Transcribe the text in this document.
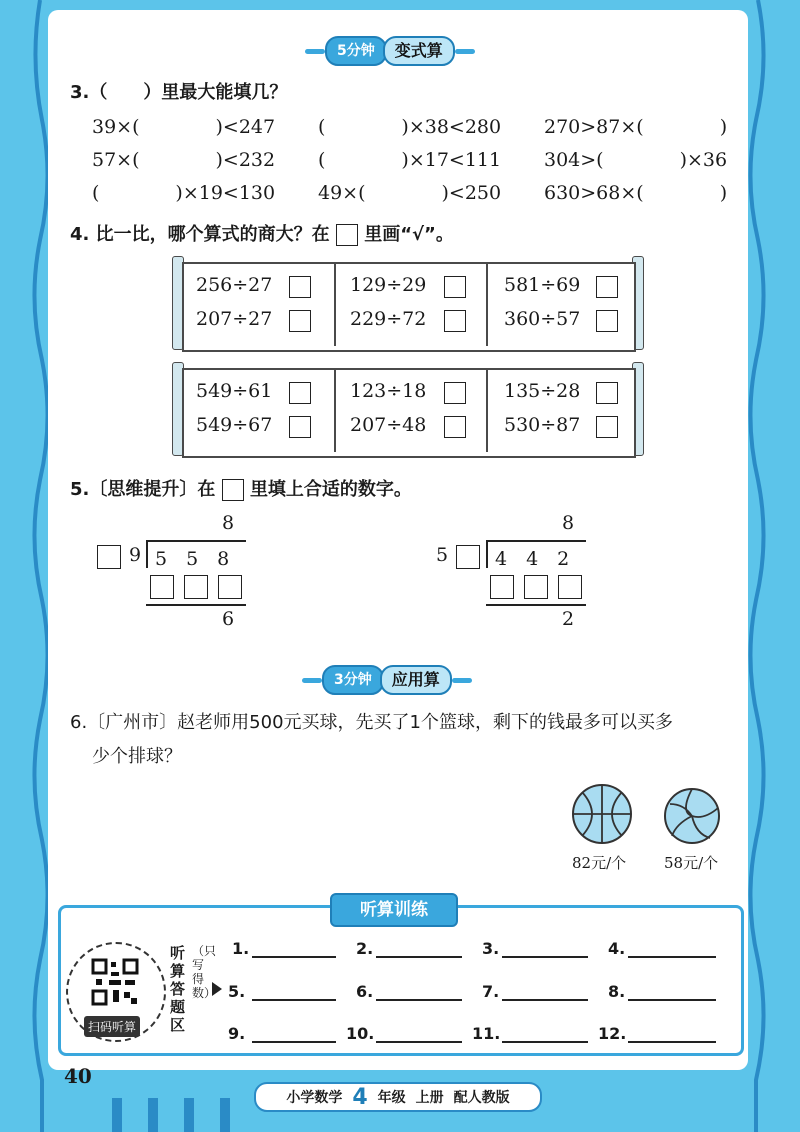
5分钟	变式算
3.（　　）里最大能填几？
39×(　　　　)<247 (　　　　)×38<280 270>87×(　　　　)
57×(　　　　)<232 (　　　　)×17<111 304>(　　　　)×36
(　　　　)×19<130 49×(　　　　)<250 630>68×(　　　　)
4. 比一比，哪个算式的商大？在 里画“√”。
256÷27
207÷27
129÷29
229÷72
581÷69
360÷57
549÷61
549÷67
123÷18
207÷48
135÷28
530÷87
5.〔思维提升〕在 里填上合适的数字。
8
9 5　5　8
6
8
5 4　4　2
2
3分钟	应用算
6.〔广州市〕赵老师用500元买球，先买了1个篮球，剩下的钱最多可以买多
少个排球？
82元/个	58元/个
听算训练
扫码听算
听算答题区
（只写得数）
1.	2.	3.	4.
5.	6.	7.	8.
9.	10.	11.	12.
40
小学数学 4 年级 上册 配人教版
